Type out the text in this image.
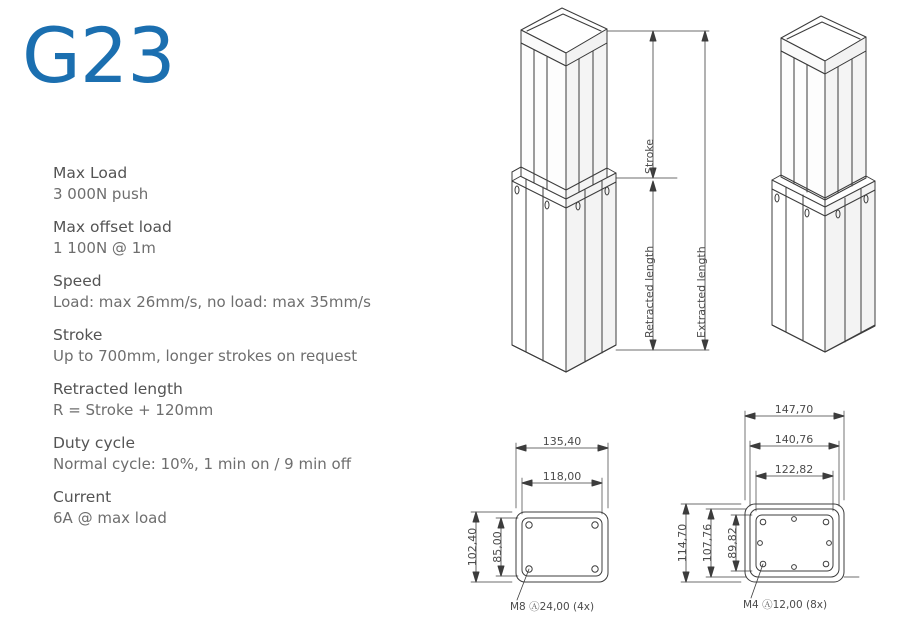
G23
Max Load
3 000N push
Max offset load
1 100N @ 1m
Speed
Load: max 26mm/s, no load: max 35mm/s
Stroke
Up to 700mm, longer strokes on request
Retracted length
R = Stroke + 120mm
Duty cycle
Normal cycle: 10%, 1 min on / 9 min off
Current
6A @ max load
Stroke
Retracted length	Extracted length
135,40
118,00
102,40 85,00
M8 Ⓐ24,00 (4x)
147,70
140,76
122,82
114,70 107,76 89,82
M4 Ⓐ12,00 (8x)
